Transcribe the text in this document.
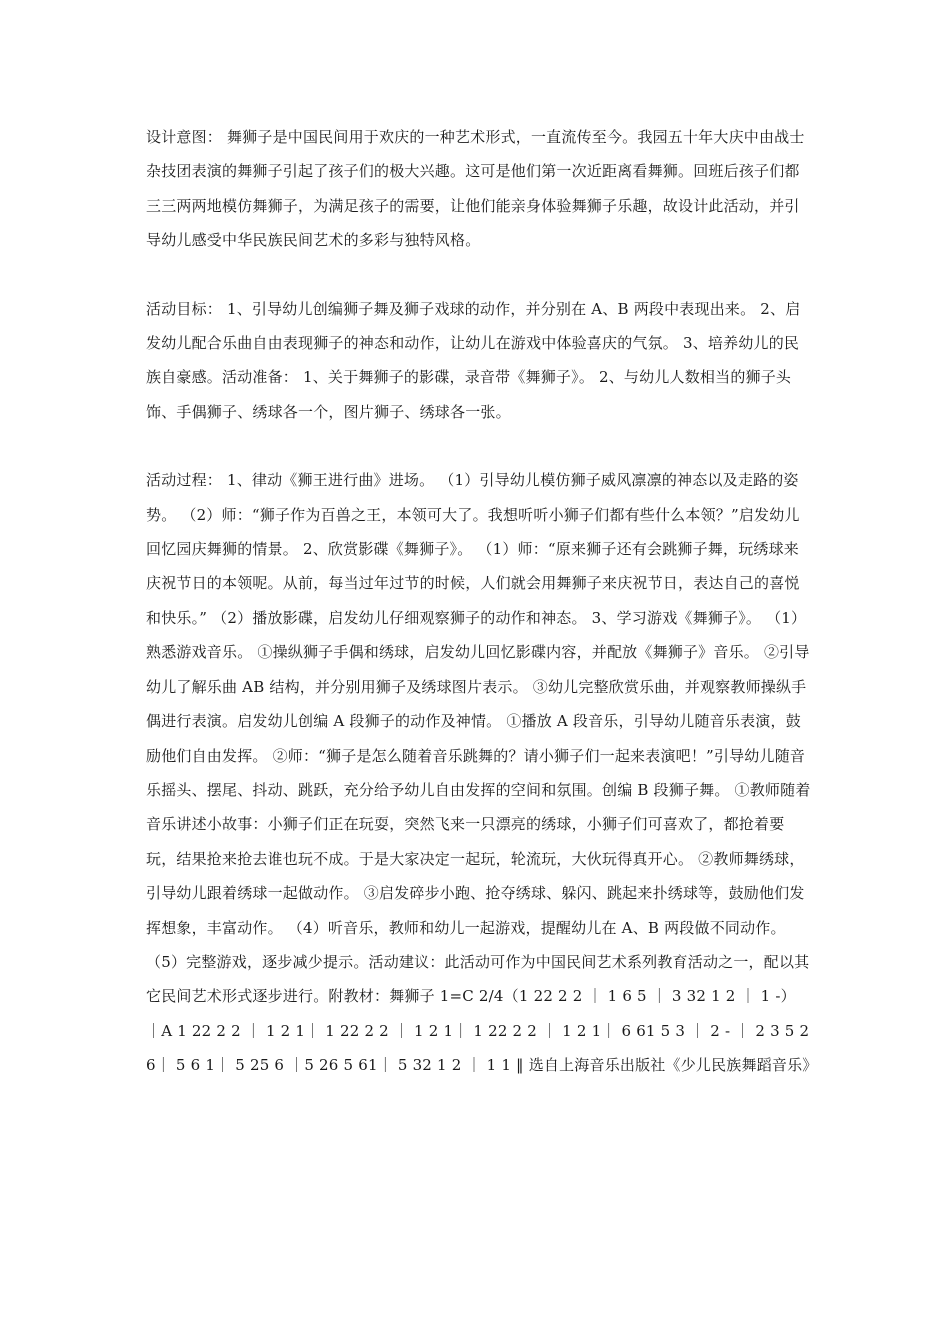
设计意图： 舞狮子是中国民间用于欢庆的一种艺术形式，一直流传至今。我园五十年大庆中由战士杂技团表演的舞狮子引起了孩子们的极大兴趣。这可是他们第一次近距离看舞狮。回班后孩子们都三三两两地模仿舞狮子，为满足孩子的需要，让他们能亲身体验舞狮子乐趣，故设计此活动，并引导幼儿感受中华民族民间艺术的多彩与独特风格。

活动目标： 1、引导幼儿创编狮子舞及狮子戏球的动作，并分别在 A、B 两段中表现出来。 2、启发幼儿配合乐曲自由表现狮子的神态和动作，让幼儿在游戏中体验喜庆的气氛。 3、培养幼儿的民族自豪感。活动准备： 1、关于舞狮子的影碟，录音带《舞狮子》。 2、与幼儿人数相当的狮子头饰、手偶狮子、绣球各一个，图片狮子、绣球各一张。

活动过程： 1、律动《狮王进行曲》进场。 （1）引导幼儿模仿狮子威风凛凛的神态以及走路的姿势。 （2）师：“狮子作为百兽之王，本领可大了。我想听听小狮子们都有些什么本领？”启发幼儿回忆园庆舞狮的情景。 2、欣赏影碟《舞狮子》。 （1）师：“原来狮子还有会跳狮子舞，玩绣球来庆祝节日的本领呢。从前，每当过年过节的时候，人们就会用舞狮子来庆祝节日，表达自己的喜悦和快乐。” （2）播放影碟，启发幼儿仔细观察狮子的动作和神态。 3、学习游戏《舞狮子》。 （1）熟悉游戏音乐。 ①操纵狮子手偶和绣球，启发幼儿回忆影碟内容，并配放《舞狮子》音乐。 ②引导幼儿了解乐曲 AB 结构，并分别用狮子及绣球图片表示。 ③幼儿完整欣赏乐曲，并观察教师操纵手偶进行表演。启发幼儿创编 A 段狮子的动作及神情。 ①播放 A 段音乐，引导幼儿随音乐表演，鼓励他们自由发挥。 ②师：“狮子是怎么随着音乐跳舞的？请小狮子们一起来表演吧！”引导幼儿随音乐摇头、摆尾、抖动、跳跃，充分给予幼儿自由发挥的空间和氛围。创编 B 段狮子舞。 ①教师随着音乐讲述小故事：小狮子们正在玩耍，突然飞来一只漂亮的绣球，小狮子们可喜欢了，都抢着要玩，结果抢来抢去谁也玩不成。于是大家决定一起玩，轮流玩，大伙玩得真开心。 ②教师舞绣球，引导幼儿跟着绣球一起做动作。 ③启发碎步小跑、抢夺绣球、躲闪、跳起来扑绣球等，鼓励他们发挥想象，丰富动作。 （4）听音乐，教师和幼儿一起游戏，提醒幼儿在 A、B 两段做不同动作。 （5）完整游戏，逐步减少提示。活动建议：此活动可作为中国民间艺术系列教育活动之一，配以其它民间艺术形式逐步进行。附教材：舞狮子 1=C 2/4（1 22 2 2 ｜ 1 6 5 ｜ 3 32 1 2 ｜ 1 -）｜A 1 22 2 2 ｜ 1 2 1｜ 1 22 2 2 ｜ 1 2 1｜ 1 22 2 2 ｜ 1 2 1｜ 6 61 5 3 ｜ 2 - ｜ 2 3 5 26｜ 5 6 1｜ 5 25 6 ｜5 26 5 61｜ 5 32 1 2 ｜ 1 1 ‖ 选自上海音乐出版社《少儿民族舞蹈音乐》
